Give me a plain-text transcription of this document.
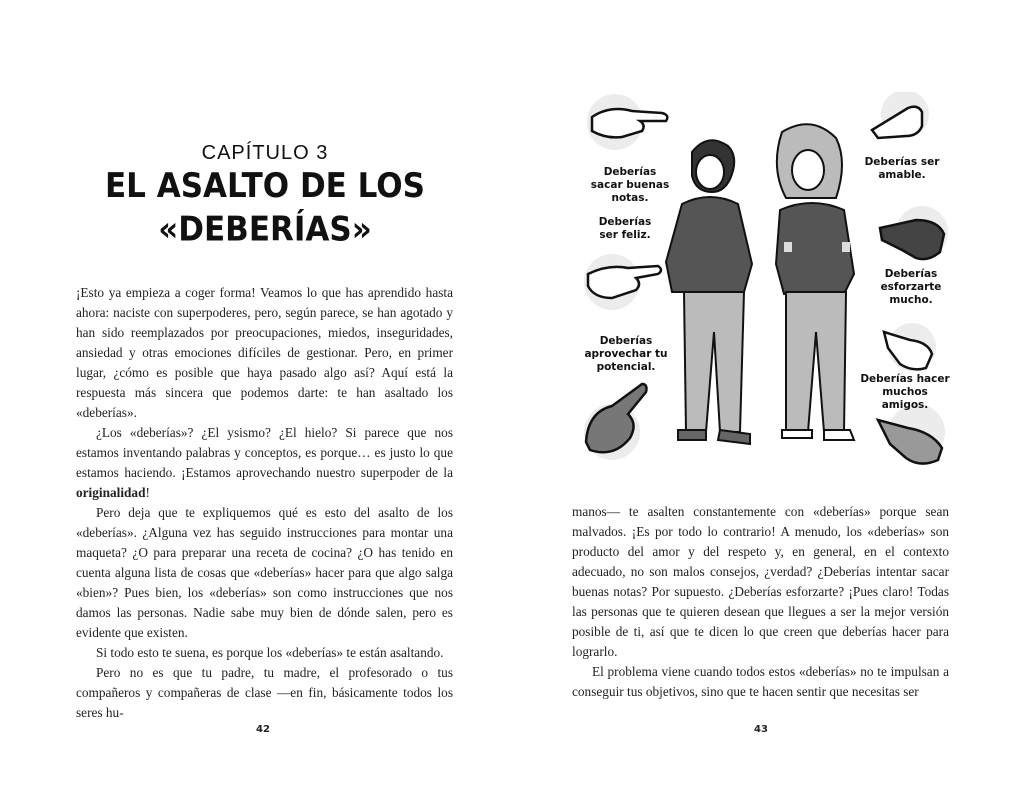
CAPÍTULO 3
EL ASALTO DE LOS
«DEBERÍAS»

¡Esto ya empieza a coger forma! Veamos lo que has aprendido hasta ahora: naciste con superpoderes, pero, según parece, se han agotado y han sido reemplazados por preocupaciones, miedos, inseguridades, ansiedad y otras emociones difíciles de gestionar. Pero, en primer lugar, ¿cómo es posible que haya pasado algo así? Aquí está la respuesta más sincera que podemos darte: te han asaltado los «deberías».

¿Los «deberías»? ¿El ysismo? ¿El hielo? Si parece que nos estamos inventando palabras y conceptos, es porque… es justo lo que estamos haciendo. ¡Estamos aprovechando nuestro superpoder de la originalidad!

Pero deja que te expliquemos qué es esto del asalto de los «deberías». ¿Alguna vez has seguido instrucciones para montar una maqueta? ¿O para preparar una receta de cocina? ¿O has tenido en cuenta alguna lista de cosas que «deberías» hacer para que algo salga «bien»? Pues bien, los «deberías» son como instrucciones que nos damos las personas. Nadie sabe muy bien de dónde salen, pero es evidente que existen.

Si todo esto te suena, es porque los «deberías» te están asaltando.

Pero no es que tu padre, tu madre, el profesorado o tus compañeros y compañeras de clase —en fin, básicamente todos los seres hu-

42
Deberías sacar buenas notas.
Deberías ser feliz.
Deberías aprovechar tu potencial.
Deberías ser amable.
Deberías esforzarte mucho.
Deberías hacer muchos amigos.

manos— te asalten constantemente con «deberías» porque sean malvados. ¡Es por todo lo contrario! A menudo, los «deberías» son producto del amor y del respeto y, en general, en el contexto adecuado, no son malos consejos, ¿verdad? ¿Deberías intentar sacar buenas notas? Por supuesto. ¿Deberías esforzarte? ¡Pues claro! Todas las personas que te quieren desean que llegues a ser la mejor versión posible de ti, así que te dicen lo que creen que deberías hacer para lograrlo.

El problema viene cuando todos estos «deberías» no te impulsan a conseguir tus objetivos, sino que te hacen sentir que necesitas ser

43
